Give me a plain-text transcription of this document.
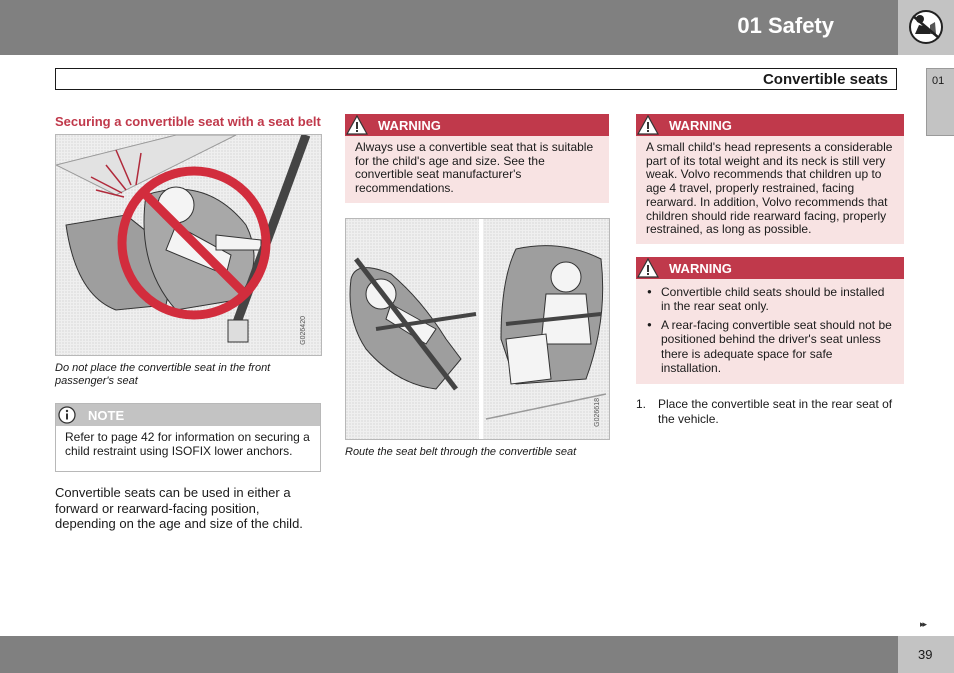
01 Safety
Convertible seats	01

Securing a convertible seat with a seat belt

G026420
Do not place the convertible seat in the front passenger's seat
NOTE
Refer to page 42 for information on securing a child restraint using ISOFIX lower anchors.
Convertible seats can be used in either a forward or rearward-facing position, depending on the age and size of the child.
WARNING
Always use a convertible seat that is suitable for the child's age and size. See the convertible seat manufacturer's recommendations.
G026618
Route the seat belt through the convertible seat
WARNING
A small child's head represents a considerable part of its total weight and its neck is still very weak. Volvo recommends that children up to age 4 travel, properly restrained, facing rearward. In addition, Volvo recommends that children should ride rearward facing, properly restrained, as long as possible.
WARNING
● Convertible child seats should be installed in the rear seat only.
● A rear-facing convertible seat should not be positioned behind the driver's seat unless there is adequate space for safe installation.
1. Place the convertible seat in the rear seat of the vehicle.
▸▸
39
